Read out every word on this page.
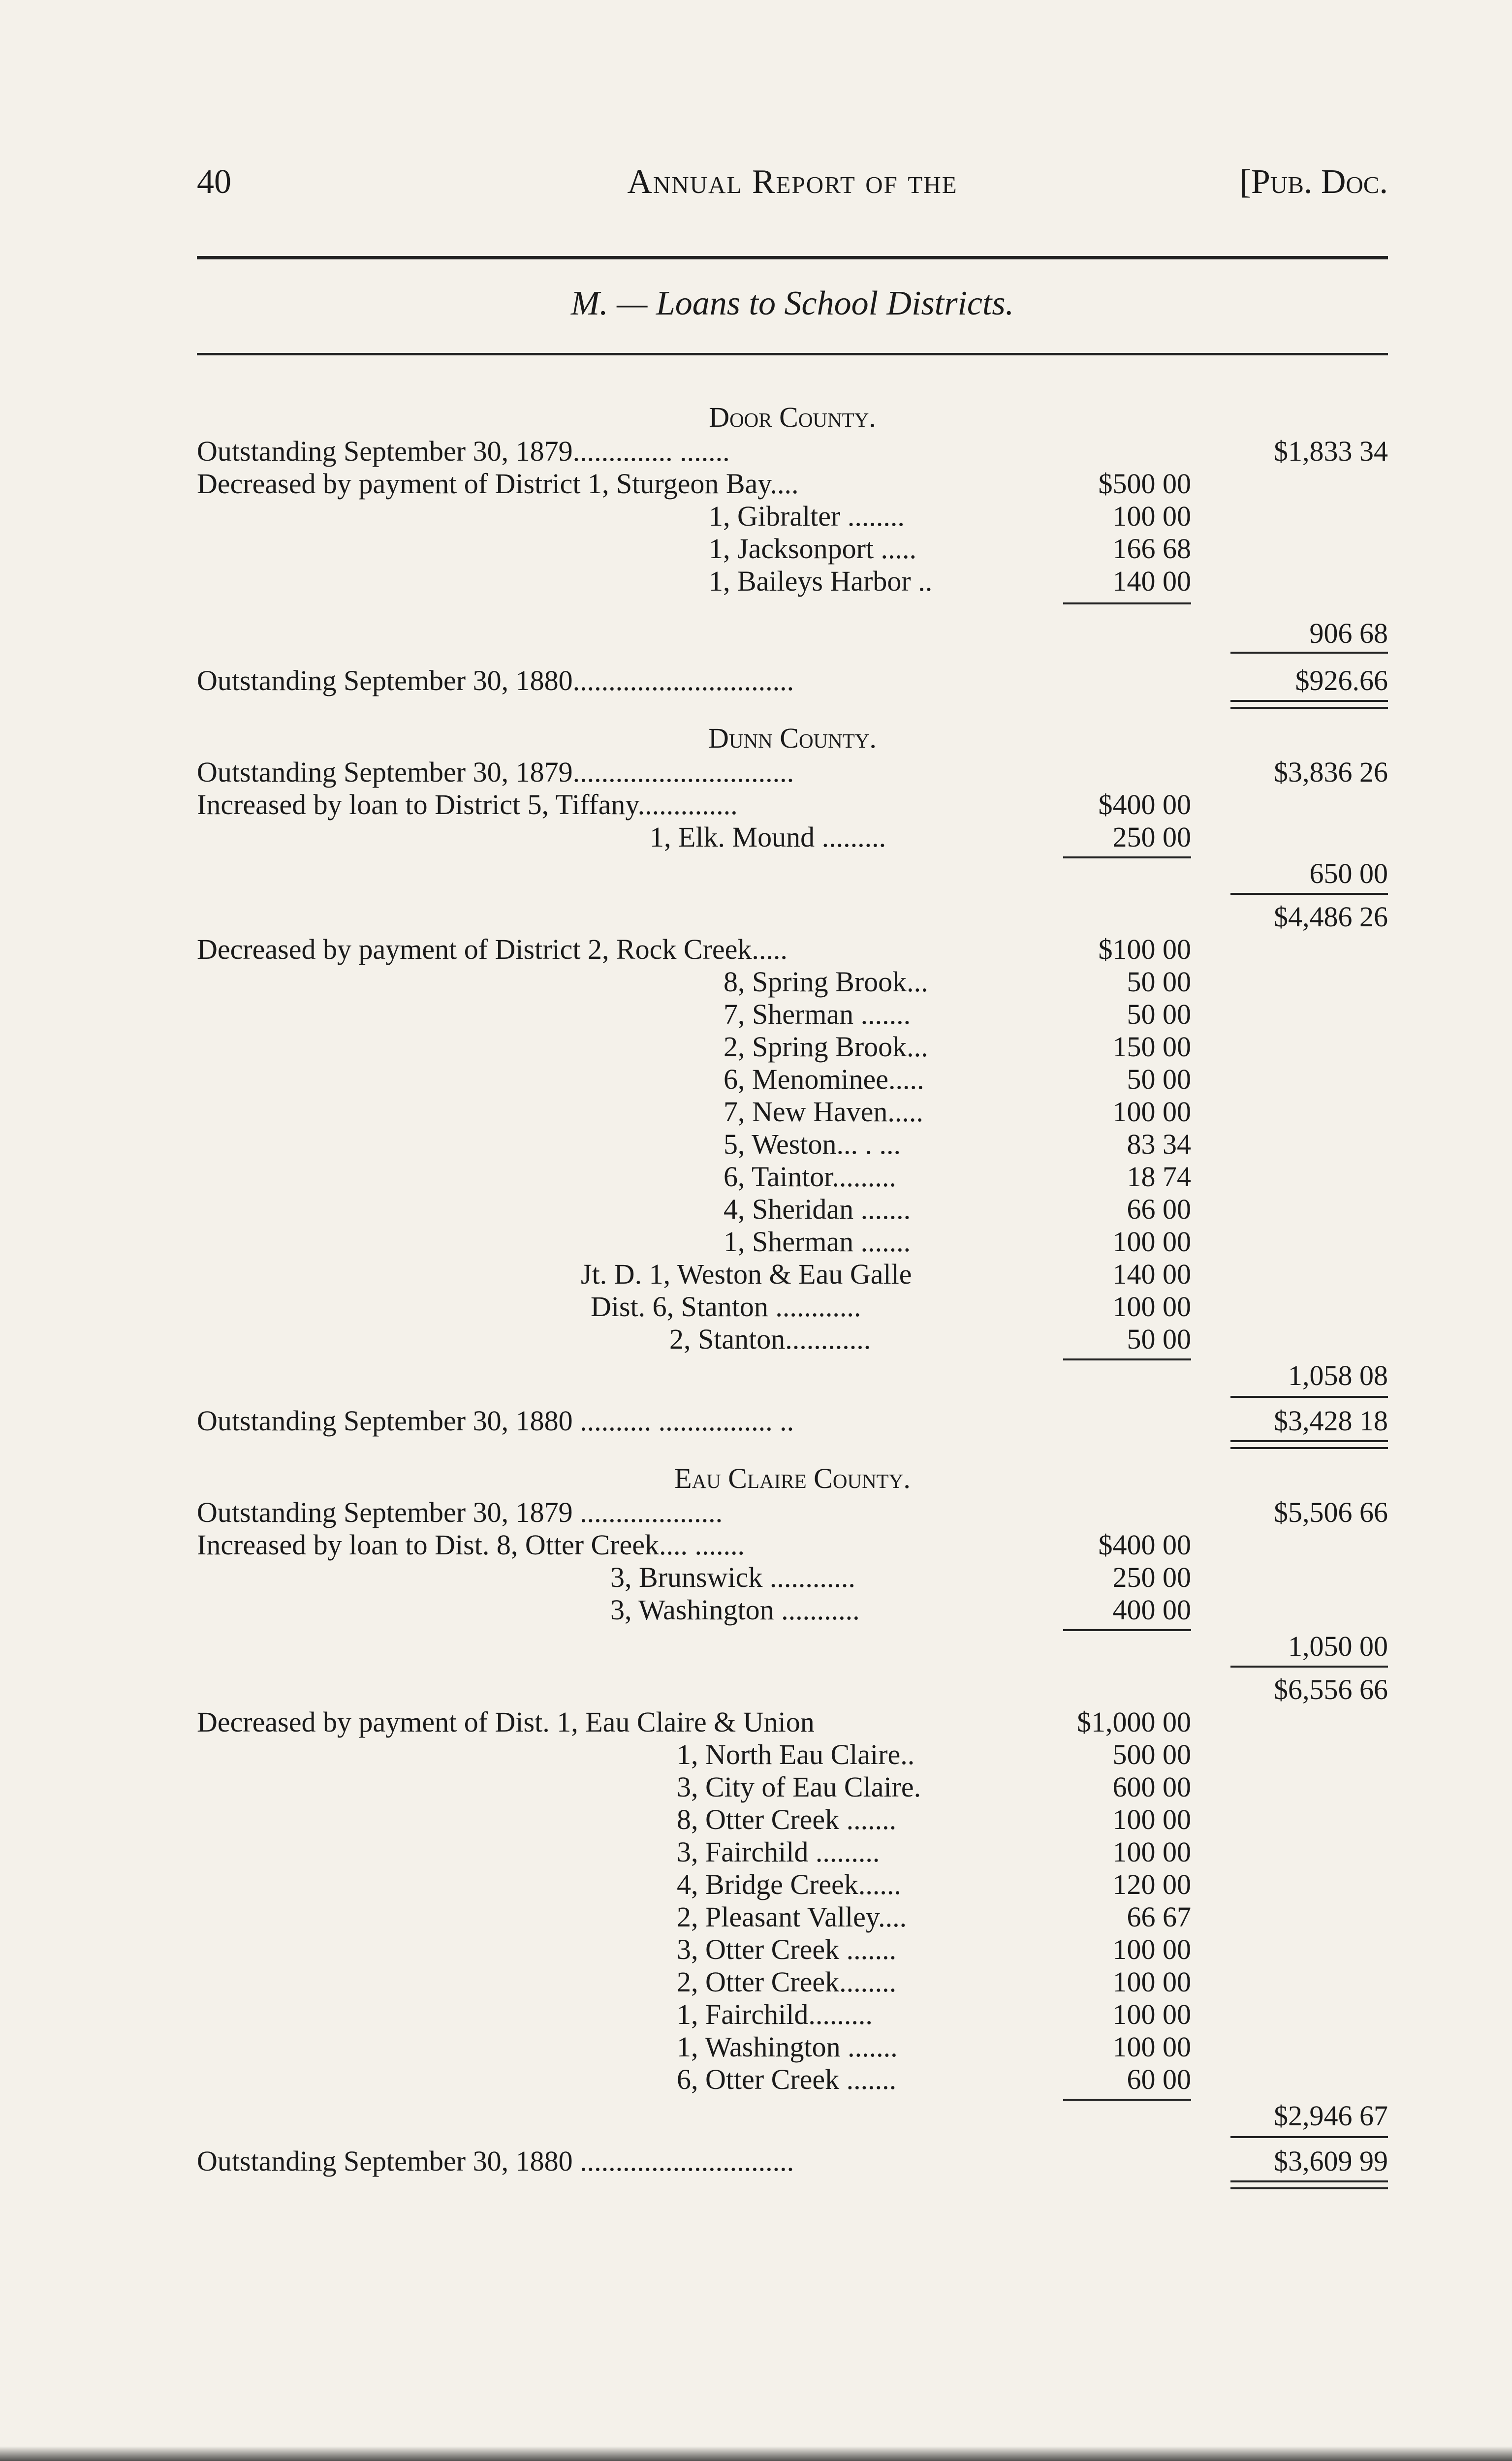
40	Annual Report of the	[Pub. Doc.
M. — Loans to School Districts.
Door County.
Outstanding September 30, 1879.............. .......	$1,833 34
Decreased by payment of District 1, Sturgeon Bay....	$500 00
1, Gibralter ........	100 00
1, Jacksonport .....	166 68
1, Baileys Harbor ..	140 00
906 68
Outstanding September 30, 1880...............................	$926.66
Dunn County.
Outstanding September 30, 1879...............................	$3,836 26
Increased by loan to District 5, Tiffany..............	$400 00
1, Elk. Mound .........	250 00
650 00
$4,486 26
Decreased by payment of District 2, Rock Creek.....	$100 00
8, Spring Brook...	50 00
7, Sherman .......	50 00
2, Spring Brook...	150 00
6, Menominee.....	50 00
7, New Haven.....	100 00
5, Weston... . ...	83 34
6, Taintor.........	18 74
4, Sheridan .......	66 00
1, Sherman .......	100 00
Jt. D. 1, Weston & Eau Galle	140 00
Dist. 6, Stanton ............	100 00
2, Stanton............	50 00
1,058 08
Outstanding September 30, 1880 .......... ................ ..	$3,428 18
Eau Claire County.
Outstanding September 30, 1879 ....................	$5,506 66
Increased by loan to Dist. 8, Otter Creek.... .......	$400 00
3, Brunswick ............	250 00
3, Washington ...........	400 00
1,050 00
$6,556 66
Decreased by payment of Dist. 1, Eau Claire & Union	$1,000 00
1, North Eau Claire..	500 00
3, City of Eau Claire.	600 00
8, Otter Creek .......	100 00
3, Fairchild .........	100 00
4, Bridge Creek......	120 00
2, Pleasant Valley....	66 67
3, Otter Creek .......	100 00
2, Otter Creek........	100 00
1, Fairchild.........	100 00
1, Washington .......	100 00
6, Otter Creek .......	60 00
$2,946 67
Outstanding September 30, 1880 ..............................	$3,609 99
